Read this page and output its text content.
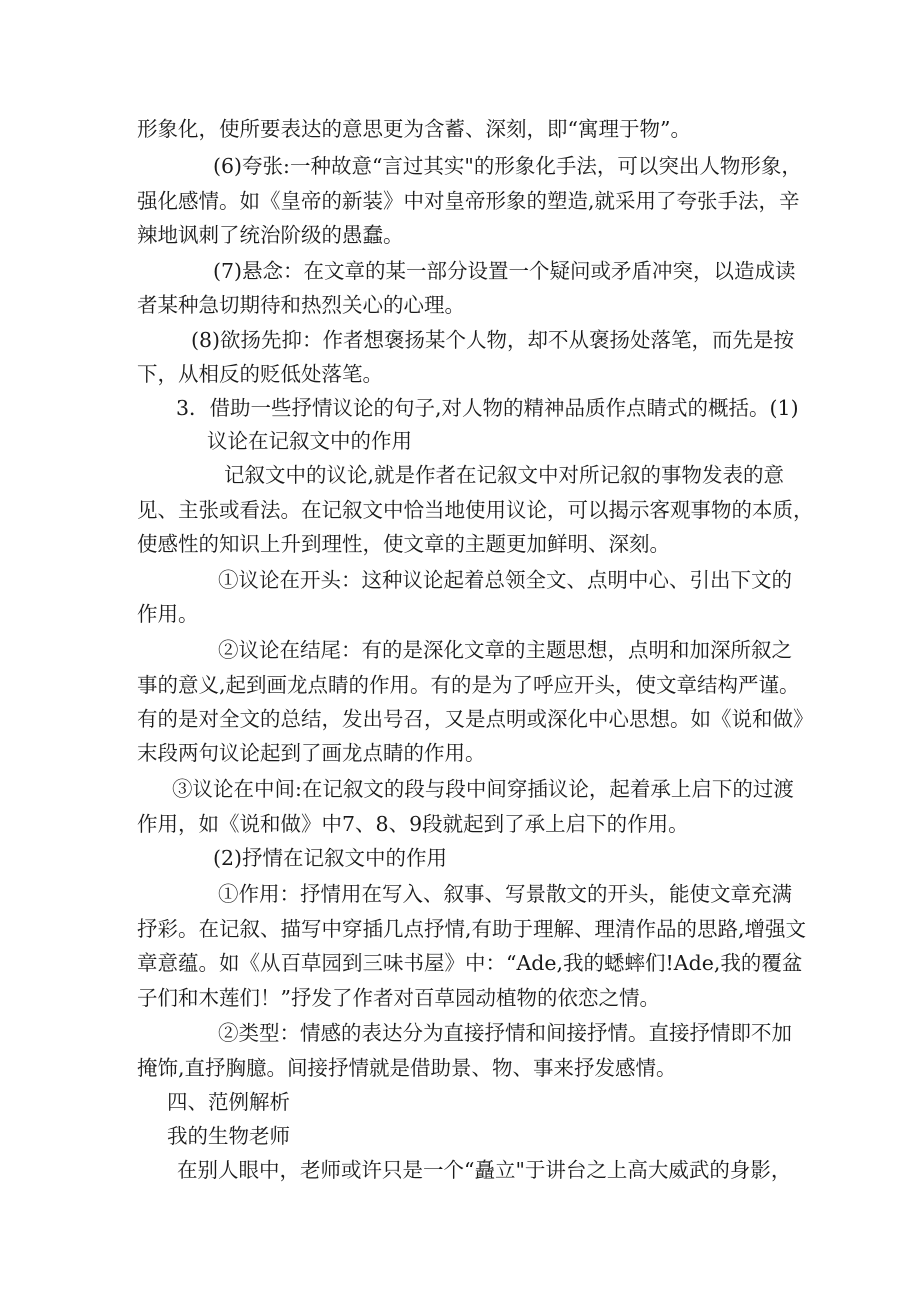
形象化，使所要表达的意思更为含蓄、深刻，即“寓理于物”。
(6)夸张:一种故意“言过其实"的形象化手法，可以突出人物形象，
强化感情。如《皇帝的新装》中对皇帝形象的塑造,就采用了夸张手法，辛
辣地讽刺了统治阶级的愚蠢。
(7)悬念：在文章的某一部分设置一个疑问或矛盾冲突，以造成读
者某种急切期待和热烈关心的心理。
(8)欲扬先抑：作者想褒扬某个人物，却不从褒扬处落笔，而先是按
下，从相反的贬低处落笔。
3．借助一些抒情议论的句子,对人物的精神品质作点睛式的概括。(1)
议论在记叙文中的作用
记叙文中的议论,就是作者在记叙文中对所记叙的事物发表的意
见、主张或看法。在记叙文中恰当地使用议论，可以揭示客观事物的本质，
使感性的知识上升到理性，使文章的主题更加鲜明、深刻。
①议论在开头：这种议论起着总领全文、点明中心、引出下文的
作用。
②议论在结尾：有的是深化文章的主题思想，点明和加深所叙之
事的意义,起到画龙点睛的作用。有的是为了呼应开头，使文章结构严谨。
有的是对全文的总结，发出号召，又是点明或深化中心思想。如《说和做》
末段两句议论起到了画龙点睛的作用。
③议论在中间:在记叙文的段与段中间穿插议论，起着承上启下的过渡
作用，如《说和做》中7、8、9段就起到了承上启下的作用。
(2)抒情在记叙文中的作用
①作用：抒情用在写入、叙事、写景散文的开头，能使文章充满
抒彩。在记叙、描写中穿插几点抒情,有助于理解、理清作品的思路,增强文
章意蕴。如《从百草园到三味书屋》中：“Ade,我的蟋蟀们!Ade,我的覆盆
子们和木莲们！”抒发了作者对百草园动植物的依恋之情。
②类型：情感的表达分为直接抒情和间接抒情。直接抒情即不加
掩饰,直抒胸臆。间接抒情就是借助景、物、事来抒发感情。
四、范例解析
我的生物老师
在别人眼中，老师或许只是一个“矗立"于讲台之上高大威武的身影，
